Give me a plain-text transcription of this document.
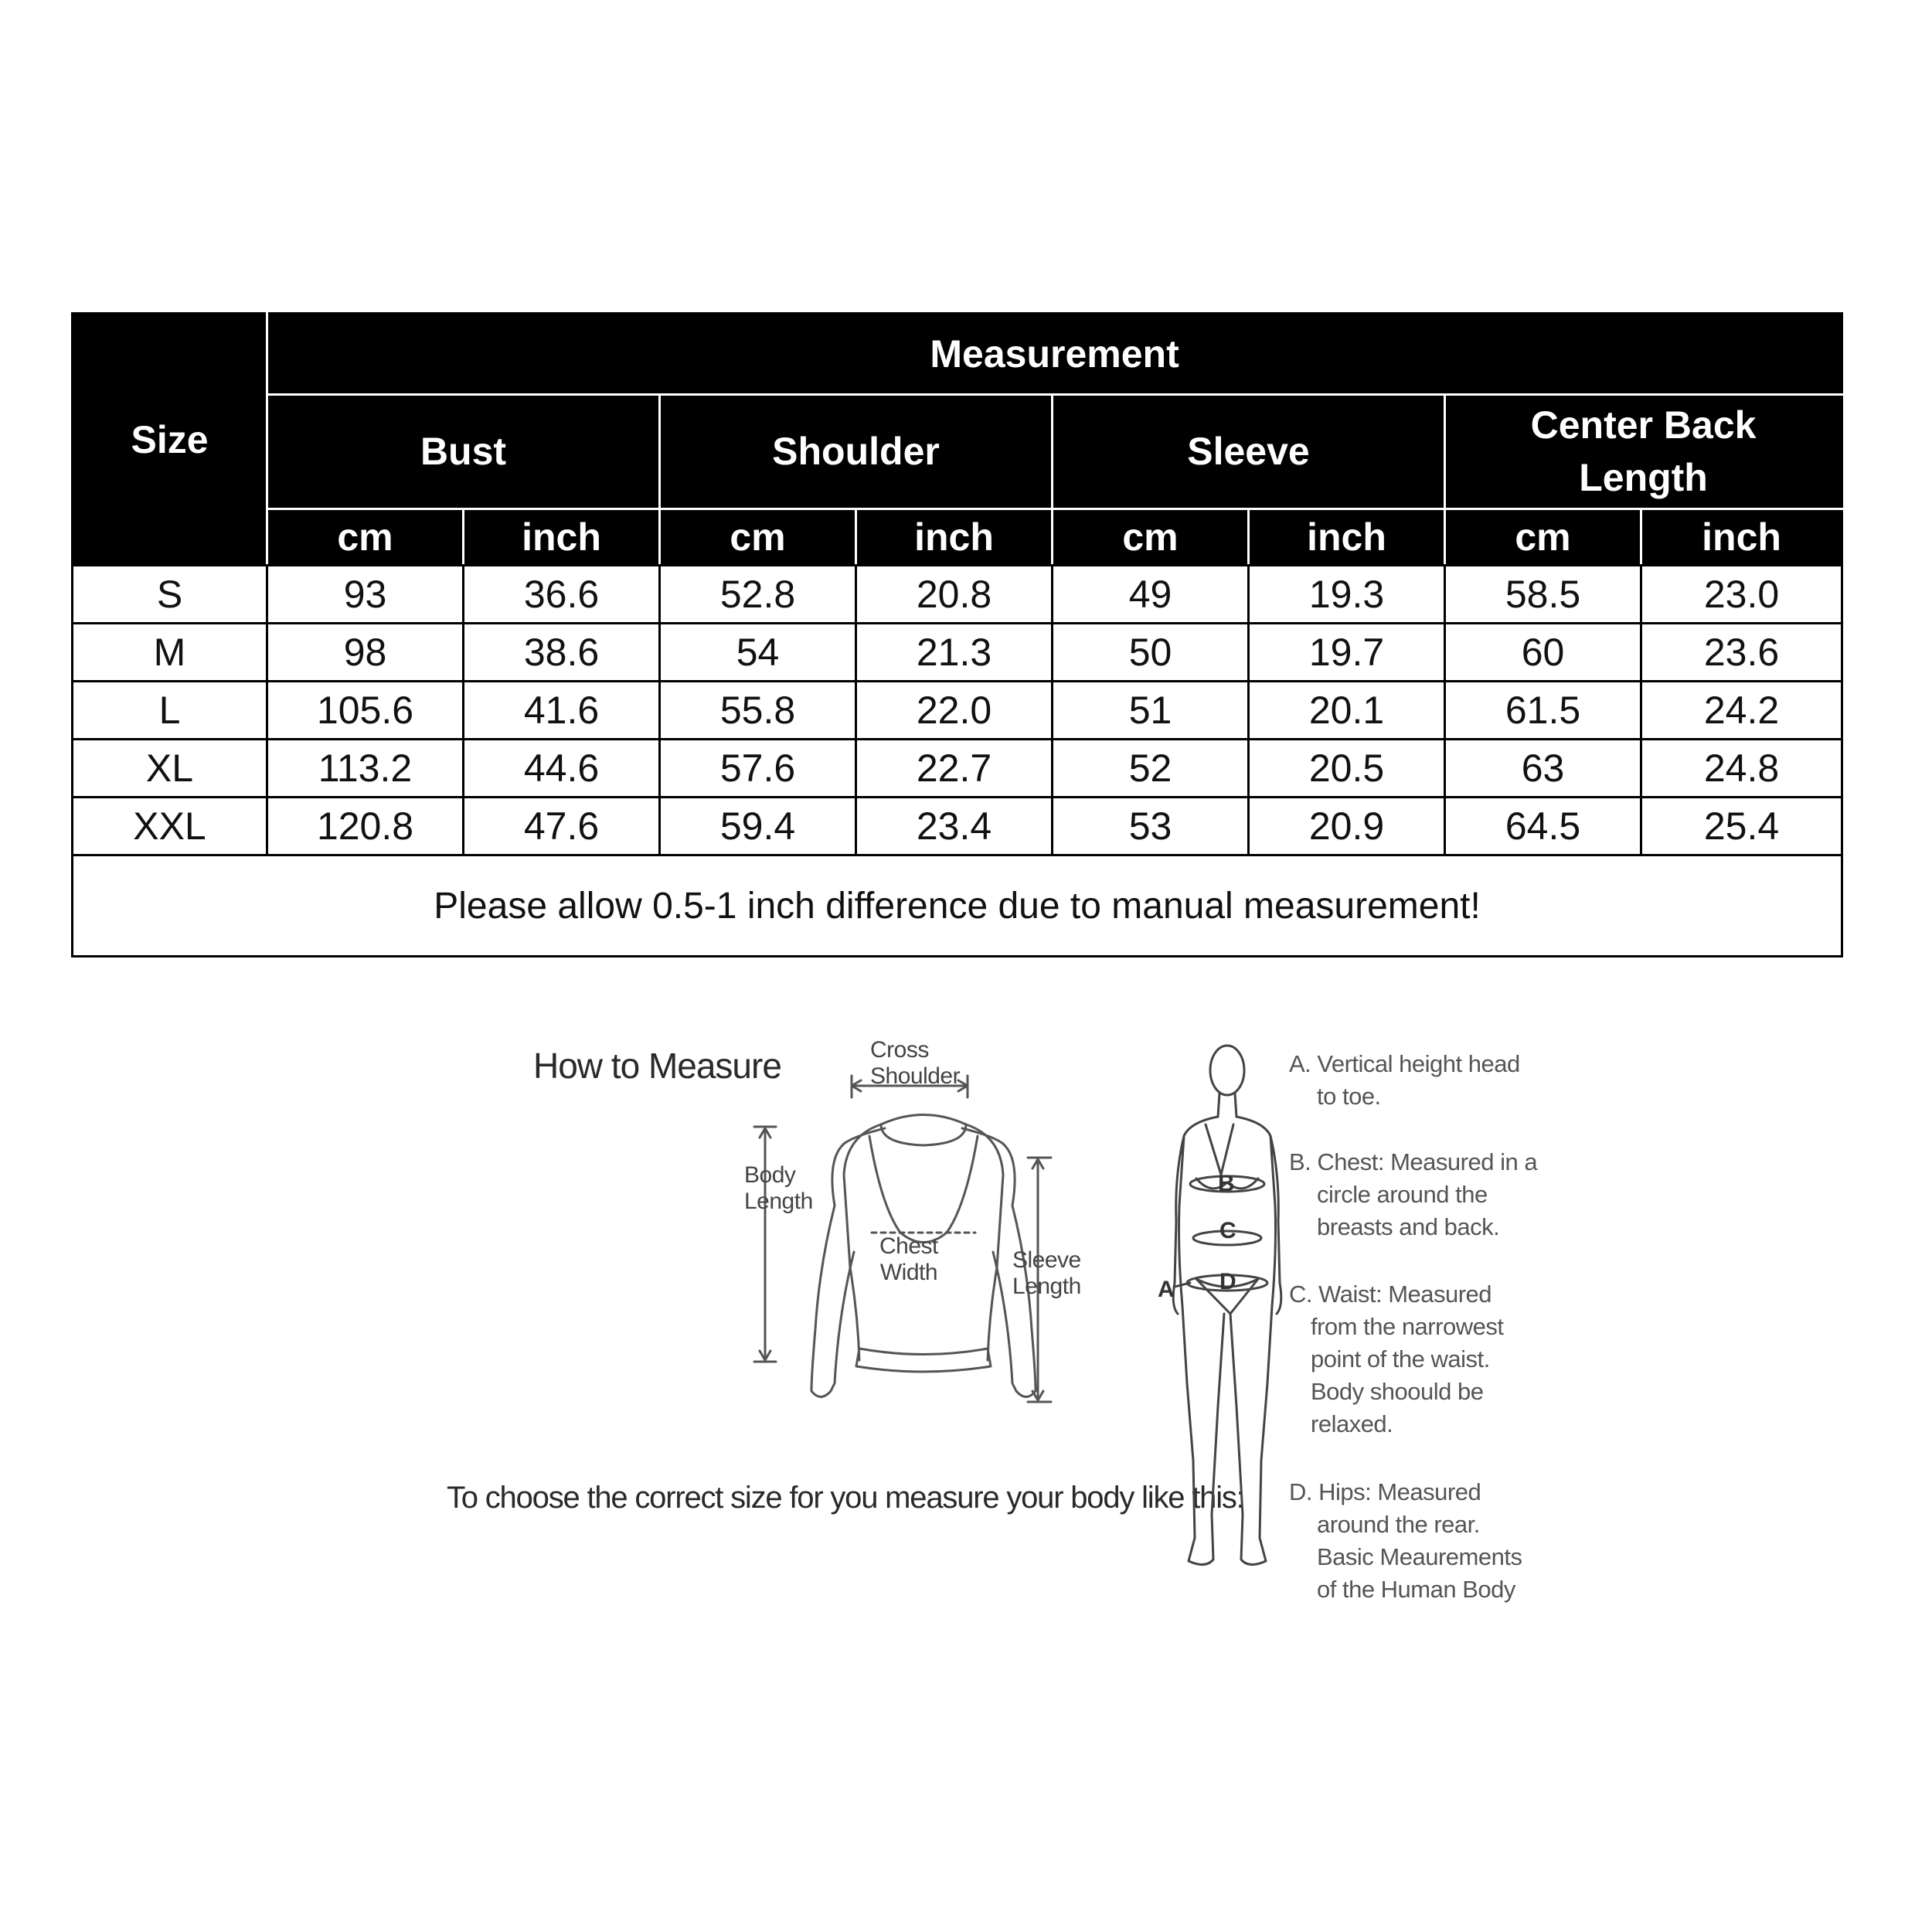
Size	Measurement							
	Bust		Shoulder		Sleeve		Center Back Length	
	cm	inch	cm	inch	cm	inch	cm	inch
S	93	36.6	52.8	20.8	49	19.3	58.5	23.0
M	98	38.6	54	21.3	50	19.7	60	23.6
L	105.6	41.6	55.8	22.0	51	20.1	61.5	24.2
XL	113.2	44.6	57.6	22.7	52	20.5	63	24.8
XXL	120.8	47.6	59.4	23.4	53	20.9	64.5	25.4
Please allow 0.5-1 inch difference due to manual measurement!								
How to Measure
To choose the correct size for you measure your body like this:
Cross
Shoulder
Body
Length
Chest
Width	Sleeve
Length
B
C
D
A
A. Vertical height head
to toe.
B. Chest: Measured in a
circle around the
breasts and back.
C. Waist: Measured
from the narrowest
point of the waist.
Body shoould be
relaxed.
D. Hips: Measured
around the rear.
Basic Meaurements
of the Human Body
